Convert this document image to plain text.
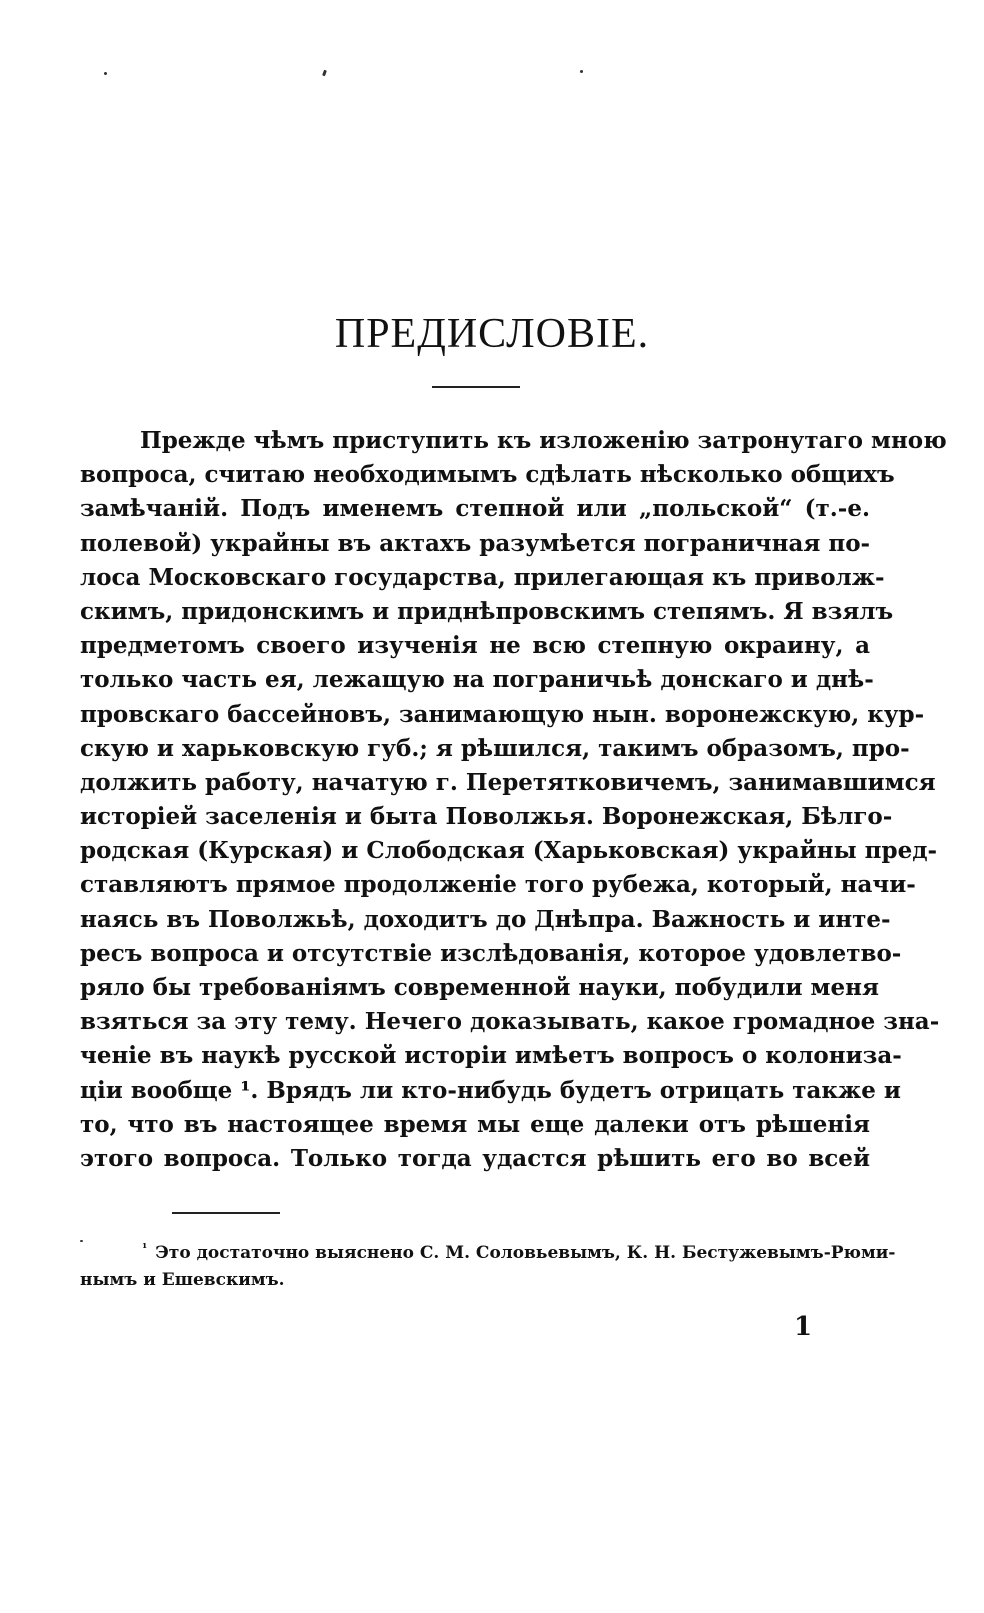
ПРЕДИСЛОВІЕ.
Прежде чѣмъ приступить къ изложенію затронутаго мною
вопроса, считаю необходимымъ сдѣлать нѣсколько общихъ
замѣчаній. Подъ именемъ степной или „польской“ (т.-е.
полевой) украйны въ актахъ разумѣется пограничная по-
лоса Московскаго государства, прилегающая къ приволж-
скимъ, придонскимъ и приднѣпровскимъ степямъ. Я взялъ
предметомъ своего изученія не всю степную окраину, а
только часть ея, лежащую на пограничьѣ донскаго и днѣ-
провскаго бассейновъ, занимающую нын. воронежскую, кур-
скую и харьковскую губ.; я рѣшился, такимъ образомъ, про-
должить работу, начатую г. Перетятковичемъ, занимавшимся
исторіей заселенія и быта Поволжья. Воронежская, Бѣлго-
родская (Курская) и Слободская (Харьковская) украйны пред-
ставляютъ прямое продолженіе того рубежа, который, начи-
наясь въ Поволжьѣ, доходитъ до Днѣпра. Важность и инте-
ресъ вопроса и отсутствіе изслѣдованія, которое удовлетво-
ряло бы требованіямъ современной науки, побудили меня
взяться за эту тему. Нечего доказывать, какое громадное зна-
ченіе въ наукѣ русской исторіи имѣетъ вопросъ о колониза-
ціи вообще ¹. Врядъ ли кто-нибудь будетъ отрицать также и
то, что въ настоящее время мы еще далеки отъ рѣшенія
этого вопроса. Только тогда удастся рѣшить его во всей
$^{^1}$ Это достаточно выяснено С. М. Соловьевымъ, К. Н. Бестужевымъ-Рюми-
нымъ и Ешевскимъ.
1
